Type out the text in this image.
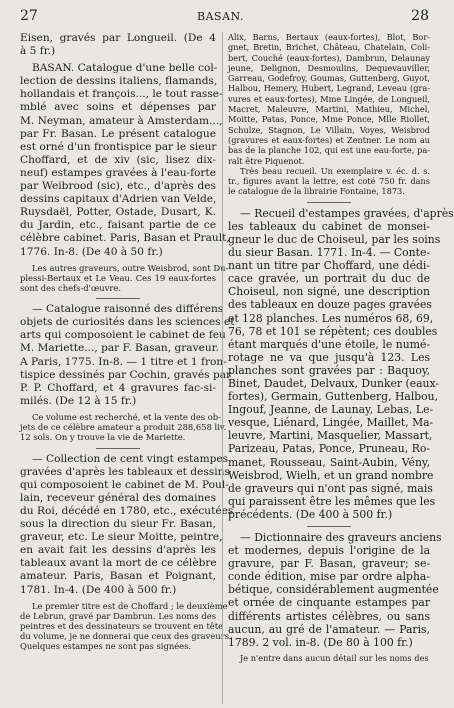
27	BASAN.	28
Eisen, gravés par Longueil. (De 4
à 5 fr.)
BASAN. Catalogue d'une belle col-
lection de dessins italiens, flamands,
hollandais et françois..., le tout rasse-
mblé avec soins et dépenses par
M. Neyman, amateur à Amsterdam...,
par Fr. Basan. Le présent catalogue
est orné d'un frontispice par le sieur
Choffard, et de xiv (sic, lisez dix-
neuf) estampes gravées à l'eau-forte
par Weibrood (sic), etc., d'après des
dessins capitaux d'Adrien van Velde,
Ruysdaël, Potter, Ostade, Dusart, K.
du Jardin, etc., faisant partie de ce
célèbre cabinet. Paris, Basan et Prault,
1776. In-8. (De 40 à 50 fr.)
Les autres graveurs, outre Weisbrod, sont Du-
plessi-Bertaux et Le Veau. Ces 19 eaux-fortes
sont des chefs-d'œuvre.
— Catalogue raisonné des différens
objets de curiosités dans les sciences et
arts qui composoient le cabinet de feu
M. Mariette..., par F. Basan, graveur.
A Paris, 1775. In-8. — 1 titre et 1 fron-
tispice dessinés par Cochin, gravés par
P. P. Choffard, et 4 gravures fac-si-
milés. (De 12 à 15 fr.)
Ce volume est recherché, et la vente des ob-
jets de ce célèbre amateur a produit 288,658 liv.
12 sols. On y trouve la vie de Mariette.
— Collection de cent vingt estampes
gravées d'après les tableaux et dessins
qui composoient le cabinet de M. Poul-
lain, receveur général des domaines
du Roi, décédé en 1780, etc., exécutées
sous la direction du sieur Fr. Basan,
graveur, etc. Le sieur Moitte, peintre,
en avait fait les dessins d'après les
tableaux avant la mort de ce célèbre
amateur. Paris, Basan et Poignant,
1781. In-4. (De 400 à 500 fr.)
Le premier titre est de Choffard ; le deuxième
de Lebrun, gravé par Dambrun. Les noms des
peintres et des dessinateurs se trouvent en tête
du volume, je ne donnerai que ceux des graveurs.
Quelques estampes ne sont pas signées.
Alix, Barns, Bertaux (eaux-fortes), Blot, Bor-
gnet, Bretin, Brichet, Château, Chatelain, Coli-
bert, Couché (eaux-fortes), Dambrun, Delaunay
jeune, Delignon, Desmoulins, Dequevauviller,
Garreau, Godefroy, Goumas, Guttenberg, Guyot,
Halbou, Hemery, Hubert, Legrand, Leveau (gra-
vures et eaux-fortes), Mme Lingée, de Longueil,
Macret, Maleuvre, Martini, Mathieu, Michel,
Moitte, Patas, Ponce, Mme Ponce, Mlle Riollet,
Schulze, Stagnon, Le Villain, Voyes, Weisbrod
(gravures et eaux-fortes) et Zentner. Le nom au
bas de la planche 102, qui est une eau-forte, pa-
raît être Piquenot.
Très beau recueil. Un exemplaire v. éc. d. s.
tr., figures avant la lettre, est coté 750 fr. dans
le catalogue de la librairie Fontaine, 1873.
— Recueil d'estampes gravées, d'après
les tableaux du cabinet de monsei-
gneur le duc de Choiseul, par les soins
du sieur Basan. 1771. In-4. — Conte-
nant un titre par Choffard, une dédi-
cace gravée, un portrait du duc de
Choiseul, non signé, une description
des tableaux en douze pages gravées
et 128 planches. Les numéros 68, 69,
76, 78 et 101 se répètent; ces doubles
étant marqués d'une étoile, le numé-
rotage ne va que jusqu'à 123. Les
planches sont gravées par : Baquoy,
Binet, Daudet, Delvaux, Dunker (eaux-
fortes), Germain, Guttenberg, Halbou,
Ingouf, Jeanne, de Launay, Lebas, Le-
vesque, Liénard, Lingée, Maillet, Ma-
leuvre, Martini, Masquelier, Massart,
Parizeau, Patas, Ponce, Pruneau, Ro-
manet, Rousseau, Saint-Aubin, Vény,
Weisbrod, Wielh, et un grand nombre
de graveurs qui n'ont pas signé, mais
qui paraissent être les mêmes que les
précédents. (De 400 à 500 fr.)
— Dictionnaire des graveurs anciens
et modernes, depuis l'origine de la
gravure, par F. Basan, graveur; se-
conde édition, mise par ordre alpha-
bétique, considérablement augmentée
et ornée de cinquante estampes par
différents artistes célèbres, ou sans
aucun, au gré de l'amateur. — Paris,
1789. 2 vol. in-8. (De 80 à 100 fr.)
Je n'entre dans aucun détail sur les noms des
